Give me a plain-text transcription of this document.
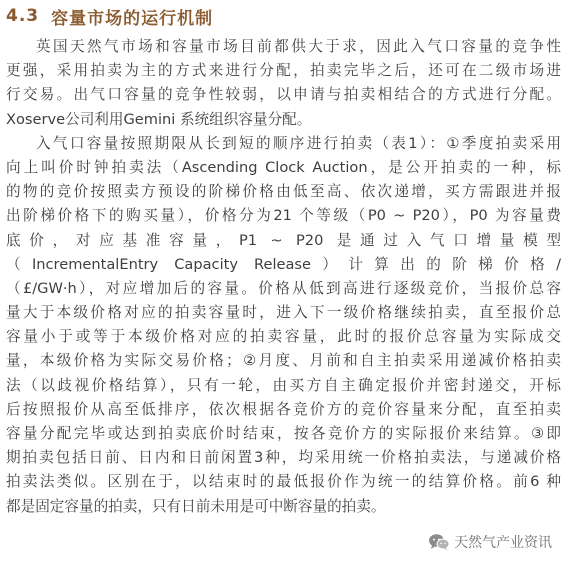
4.3 容量市场的运行机制
英国天然气市场和容量市场目前都供大于求，因此入气口容量的竞争性
更强，采用拍卖为主的方式来进行分配，拍卖完毕之后，还可在二级市场进
行交易。出气口容量的竞争性较弱，以申请与拍卖相结合的方式进行分配。
Xoserve公司利用Gemini 系统组织容量分配。
入气口容量按照期限从长到短的顺序进行拍卖（表1）：①季度拍卖采用
向上叫价时钟拍卖法（Ascending Clock Auction，是公开拍卖的一种，标
的物的竞价按照卖方预设的阶梯价格由低至高、依次递增，买方需跟进并报
出阶梯价格下的购买量），价格分为21 个等级（P0 ~ P20），P0 为容量费
底价，对应基准容量，P1 ~ P20 是通过入气口增量模型
（IncrementalEntry Capacity Release）计算出的阶梯价格/
（£/GW·h），对应增加后的容量。价格从低到高进行逐级竞价，当报价总容
量大于本级价格对应的拍卖容量时，进入下一级价格继续拍卖，直至报价总
容量小于或等于本级价格对应的拍卖容量，此时的报价总容量为实际成交
量，本级价格为实际交易价格；②月度、月前和自主拍卖采用递减价格拍卖
法（以歧视价格结算），只有一轮，由买方自主确定报价并密封递交，开标
后按照报价从高至低排序，依次根据各竞价方的竞价容量来分配，直至拍卖
容量分配完毕或达到拍卖底价时结束，按各竞价方的实际报价来结算。③即
期拍卖包括日前、日内和日前闲置3种，均采用统一价格拍卖法，与递减价格
拍卖法类似。区别在于，以结束时的最低报价作为统一的结算价格。前6 种
都是固定容量的拍卖，只有日前未用是可中断容量的拍卖。
天然气产业资讯
